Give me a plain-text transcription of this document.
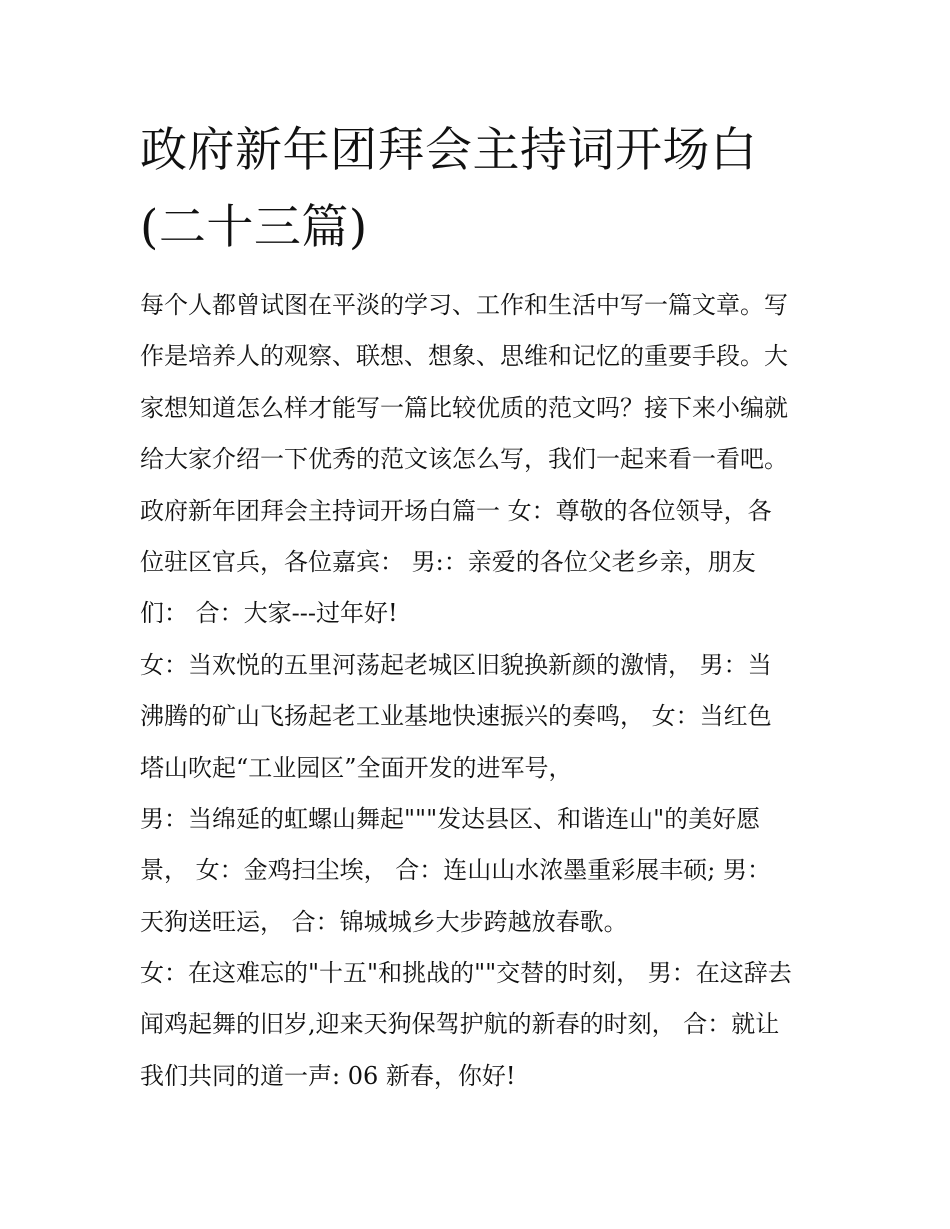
政府新年团拜会主持词开场白
(二十三篇)
每个人都曾试图在平淡的学习、工作和生活中写一篇文章。写
作是培养人的观察、联想、想象、思维和记忆的重要手段。大
家想知道怎么样才能写一篇比较优质的范文吗？接下来小编就
给大家介绍一下优秀的范文该怎么写，我们一起来看一看吧。
政府新年团拜会主持词开场白篇一 女：尊敬的各位领导，各
位驻区官兵，各位嘉宾： 男:：亲爱的各位父老乡亲，朋友
们： 合：大家---过年好!
女：当欢悦的五里河荡起老城区旧貌换新颜的激情， 男：当
沸腾的矿山飞扬起老工业基地快速振兴的奏鸣， 女：当红色
塔山吹起“工业园区”全面开发的进军号，
男：当绵延的虹螺山舞起"""发达县区、和谐连山"的美好愿
景， 女：金鸡扫尘埃， 合：连山山水浓墨重彩展丰硕; 男：
天狗送旺运， 合：锦城城乡大步跨越放春歌。
女：在这难忘的"十五"和挑战的""交替的时刻， 男：在这辞去
闻鸡起舞的旧岁,迎来天狗保驾护航的新春的时刻， 合：就让
我们共同的道一声: 06 新春，你好!
